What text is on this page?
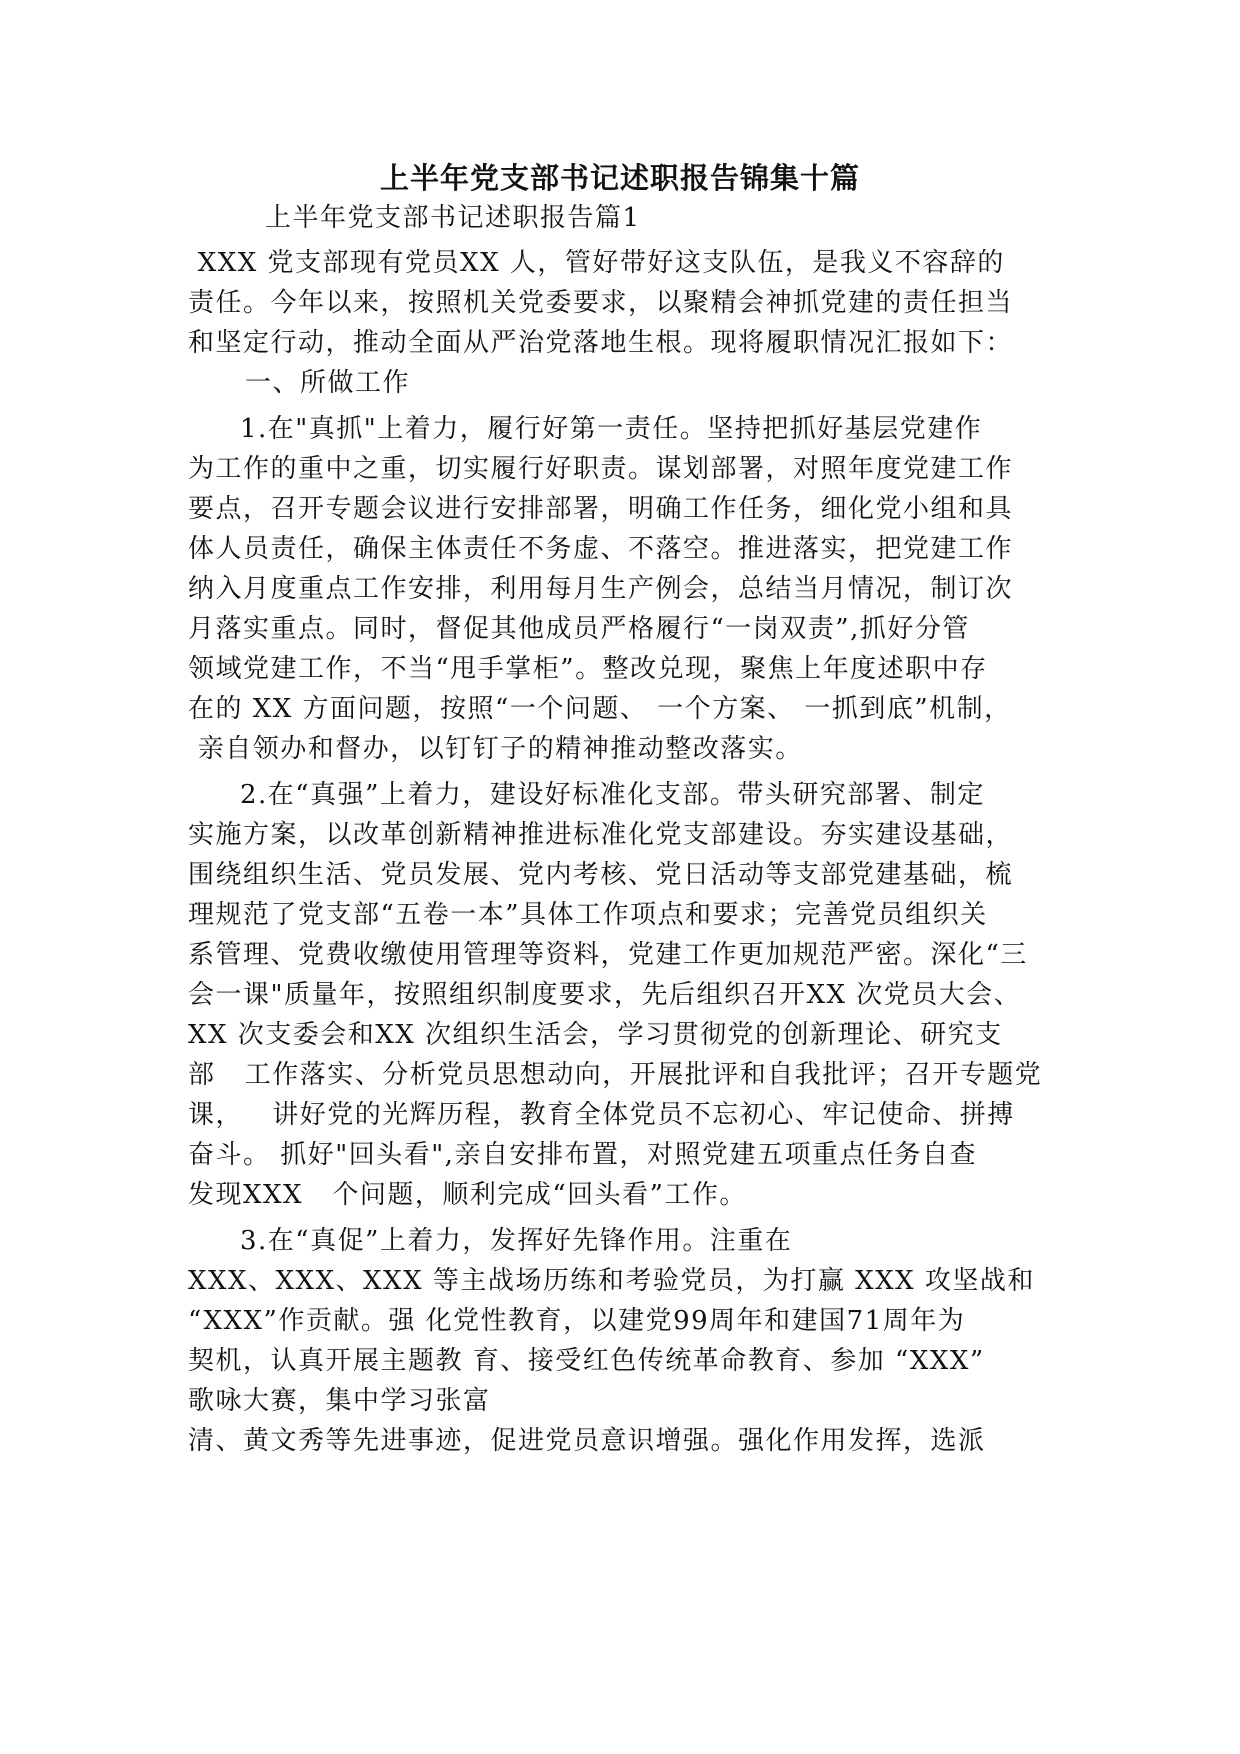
上半年党支部书记述职报告锦集十篇
上半年党支部书记述职报告篇1
XXX 党支部现有党员XX 人，管好带好这支队伍，是我义不容辞的
责任。今年以来，按照机关党委要求，以聚精会神抓党建的责任担当
和坚定行动，推动全面从严治党落地生根。现将履职情况汇报如下：
一、所做工作
1.在"真抓"上着力，履行好第一责任。坚持把抓好基层党建作
为工作的重中之重，切实履行好职责。谋划部署，对照年度党建工作
要点，召开专题会议进行安排部署，明确工作任务，细化党小组和具
体人员责任，确保主体责任不务虚、不落空。推进落实，把党建工作
纳入月度重点工作安排，利用每月生产例会，总结当月情况，制订次
月落实重点。同时，督促其他成员严格履行“一岗双责”,抓好分管
领域党建工作，不当“甩手掌柜”。整改兑现，聚焦上年度述职中存
在的 XX 方面问题，按照“一个问题、 一个方案、 一抓到底”机制，
亲自领办和督办，以钉钉子的精神推动整改落实。
2.在“真强”上着力，建设好标准化支部。带头研究部署、制定
实施方案，以改革创新精神推进标准化党支部建设。夯实建设基础，
围绕组织生活、党员发展、党内考核、党日活动等支部党建基础，梳
理规范了党支部“五卷一本”具体工作项点和要求；完善党员组织关
系管理、党费收缴使用管理等资料，党建工作更加规范严密。深化“三
会一课"质量年，按照组织制度要求，先后组织召开XX 次党员大会、
XX 次支委会和XX 次组织生活会，学习贯彻党的创新理论、研究支
部   工作落实、分析党员思想动向，开展批评和自我批评；召开专题党
课，   讲好党的光辉历程，教育全体党员不忘初心、牢记使命、拼搏
奋斗。 抓好"回头看",亲自安排布置，对照党建五项重点任务自查
发现XXX   个问题，顺利完成“回头看”工作。
3.在“真促”上着力，发挥好先锋作用。注重在
XXX、XXX、XXX 等主战场历练和考验党员，为打赢 XXX 攻坚战和
“XXX”作贡献。强 化党性教育，以建党99周年和建国71周年为
契机，认真开展主题教 育、接受红色传统革命教育、参加 “XXX”
歌咏大赛，集中学习张富
清、黄文秀等先进事迹，促进党员意识增强。强化作用发挥，选派
